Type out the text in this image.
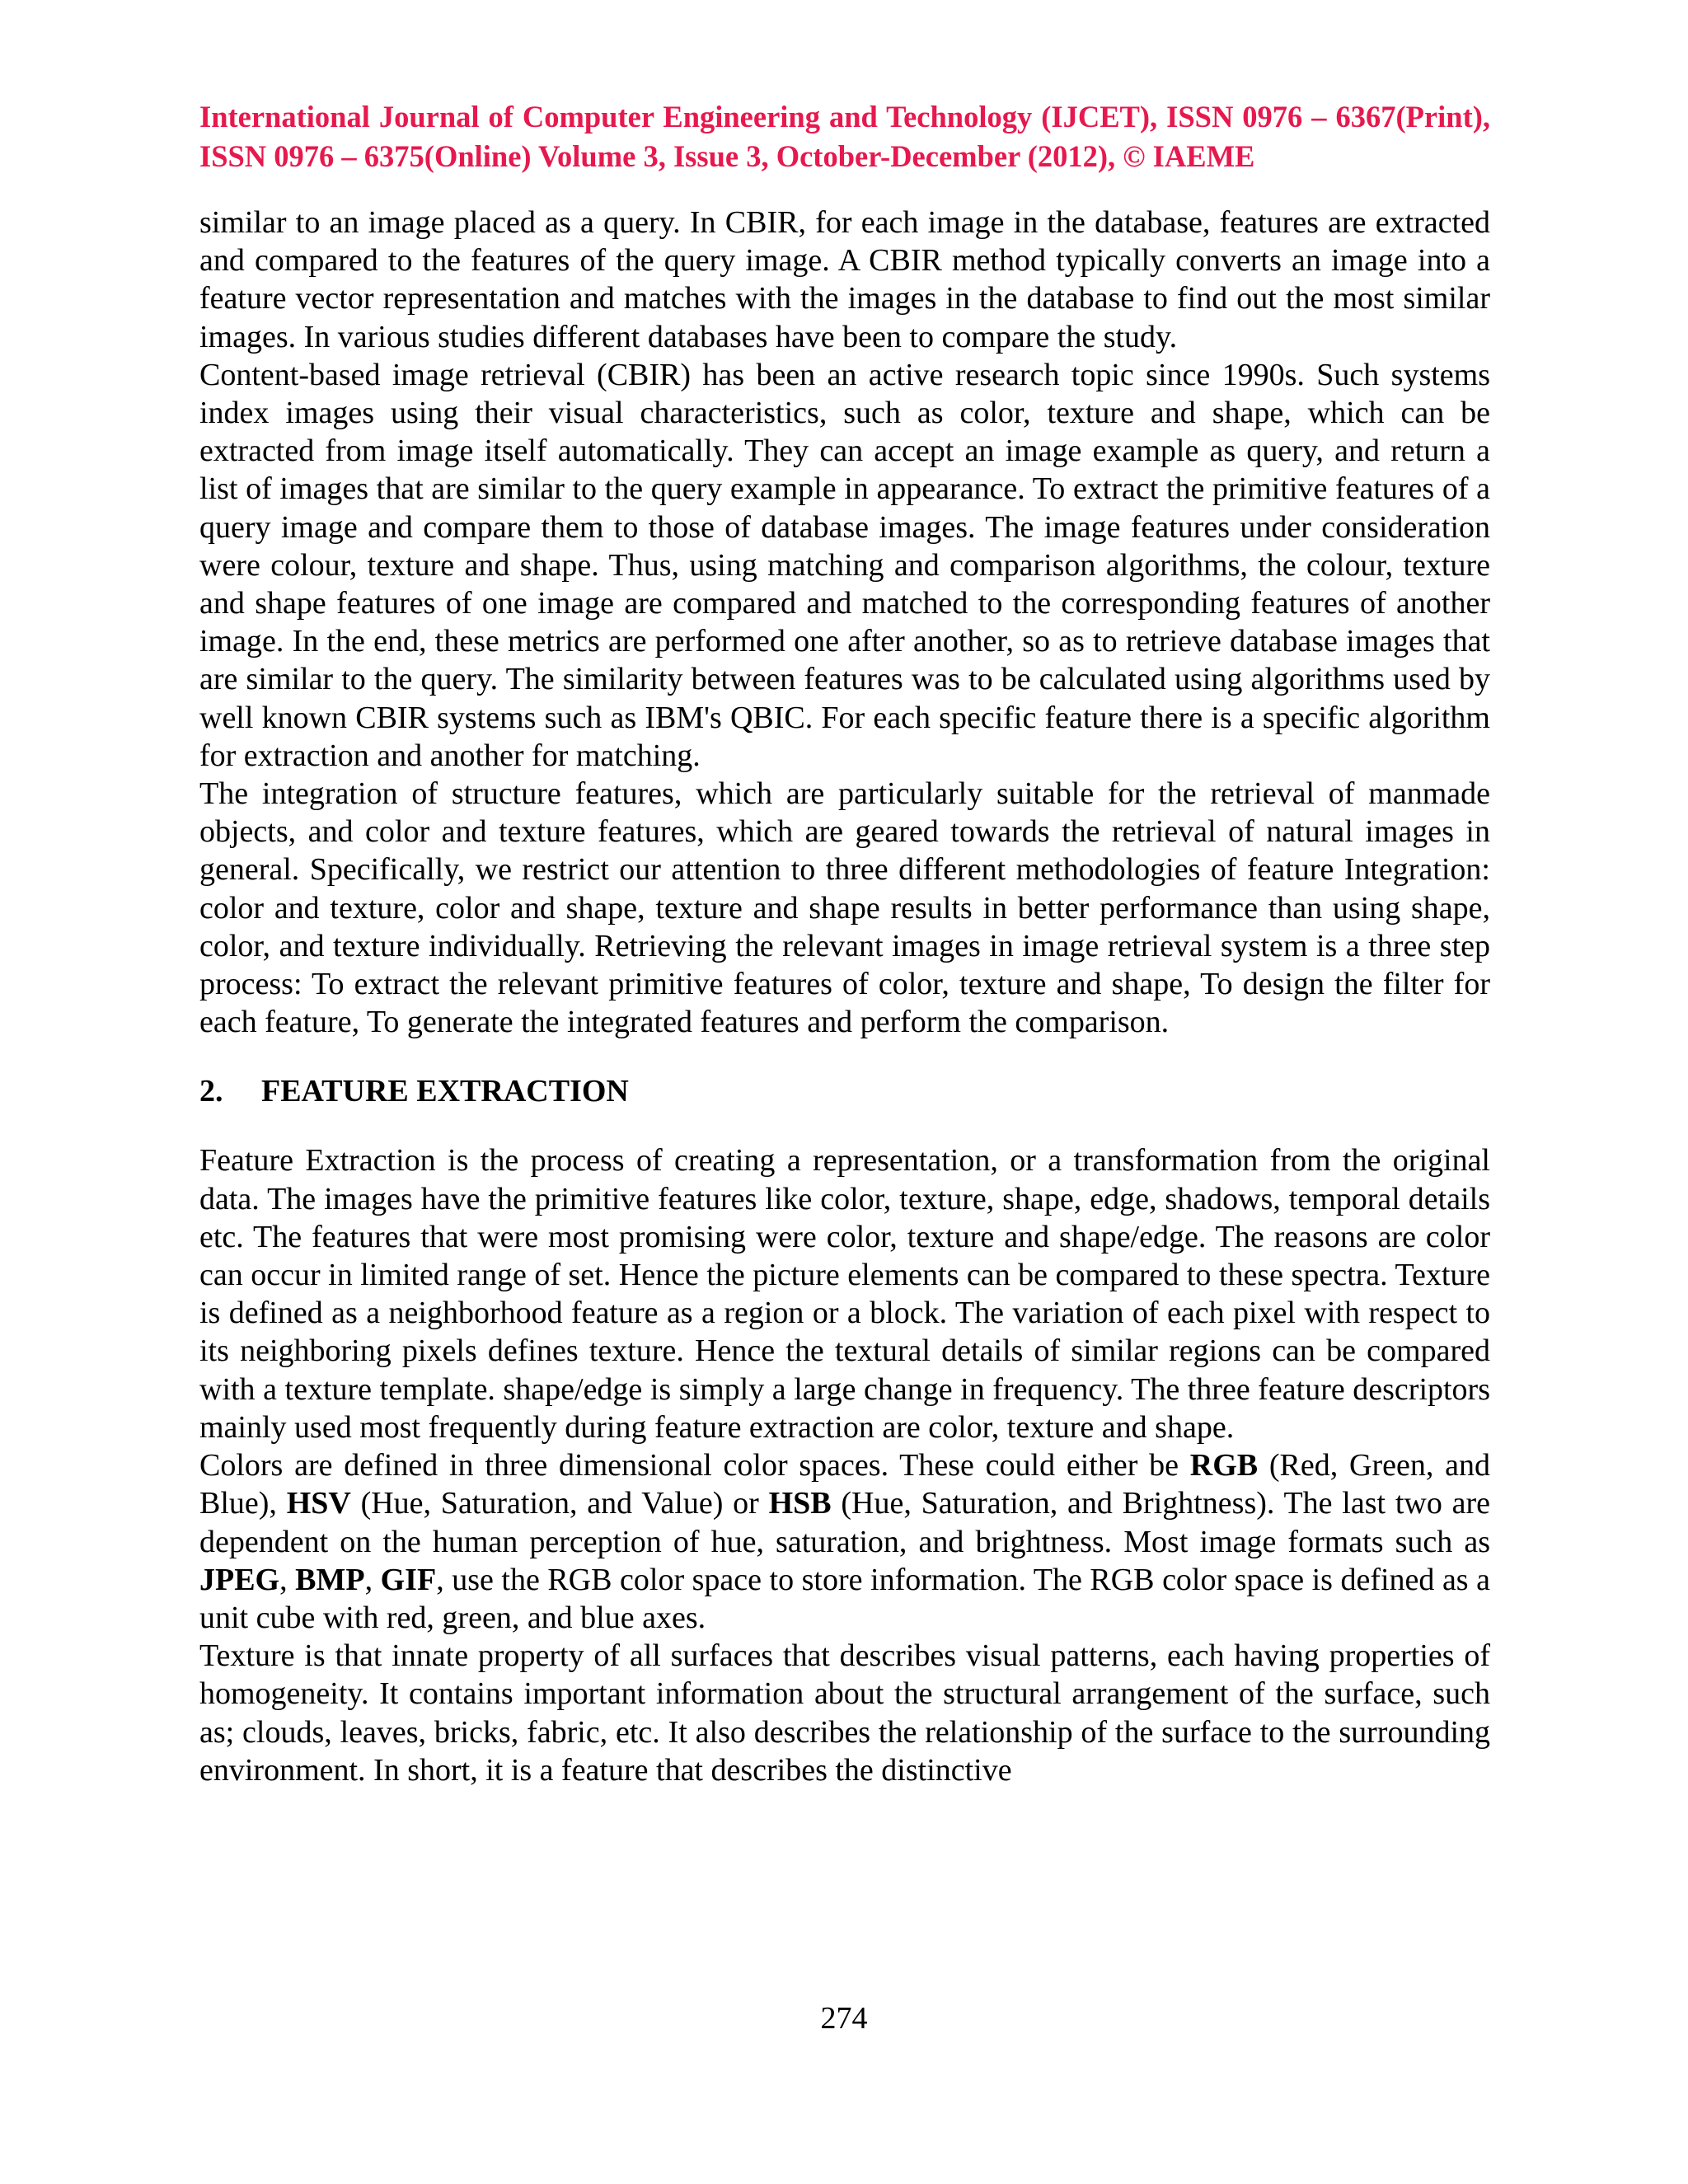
International Journal of Computer Engineering and Technology (IJCET), ISSN 0976 – 6367(Print), ISSN 0976 – 6375(Online) Volume 3, Issue 3, October-December (2012), © IAEME

similar to an image placed as a query. In CBIR, for each image in the database, features are extracted and compared to the features of the query image. A CBIR method typically converts an image into a feature vector representation and matches with the images in the database to find out the most similar images. In various studies different databases have been to compare the study.

Content-based image retrieval (CBIR) has been an active research topic since 1990s. Such systems index images using their visual characteristics, such as color, texture and shape, which can be extracted from image itself automatically. They can accept an image example as query, and return a list of images that are similar to the query example in appearance. To extract the primitive features of a query image and compare them to those of database images. The image features under consideration were colour, texture and shape. Thus, using matching and comparison algorithms, the colour, texture and shape features of one image are compared and matched to the corresponding features of another image. In the end, these metrics are performed one after another, so as to retrieve database images that are similar to the query. The similarity between features was to be calculated using algorithms used by well known CBIR systems such as IBM's QBIC. For each specific feature there is a specific algorithm for extraction and another for matching.

The integration of structure features, which are particularly suitable for the retrieval of manmade objects, and color and texture features, which are geared towards the retrieval of natural images in general. Specifically, we restrict our attention to three different methodologies of feature Integration: color and texture, color and shape, texture and shape results in better performance than using shape, color, and texture individually. Retrieving the relevant images in image retrieval system is a three step process: To extract the relevant primitive features of color, texture and shape, To design the filter for each feature, To generate the integrated features and perform the comparison.

2. FEATURE EXTRACTION

Feature Extraction is the process of creating a representation, or a transformation from the original data. The images have the primitive features like color, texture, shape, edge, shadows, temporal details etc. The features that were most promising were color, texture and shape/edge. The reasons are color can occur in limited range of set. Hence the picture elements can be compared to these spectra. Texture is defined as a neighborhood feature as a region or a block. The variation of each pixel with respect to its neighboring pixels defines texture. Hence the textural details of similar regions can be compared with a texture template. shape/edge is simply a large change in frequency. The three feature descriptors mainly used most frequently during feature extraction are color, texture and shape.

Colors are defined in three dimensional color spaces. These could either be RGB (Red, Green, and Blue), HSV (Hue, Saturation, and Value) or HSB (Hue, Saturation, and Brightness). The last two are dependent on the human perception of hue, saturation, and brightness. Most image formats such as JPEG, BMP, GIF, use the RGB color space to store information. The RGB color space is defined as a unit cube with red, green, and blue axes.

Texture is that innate property of all surfaces that describes visual patterns, each having properties of homogeneity. It contains important information about the structural arrangement of the surface, such as; clouds, leaves, bricks, fabric, etc. It also describes the relationship of the surface to the surrounding environment. In short, it is a feature that describes the distinctive

274
